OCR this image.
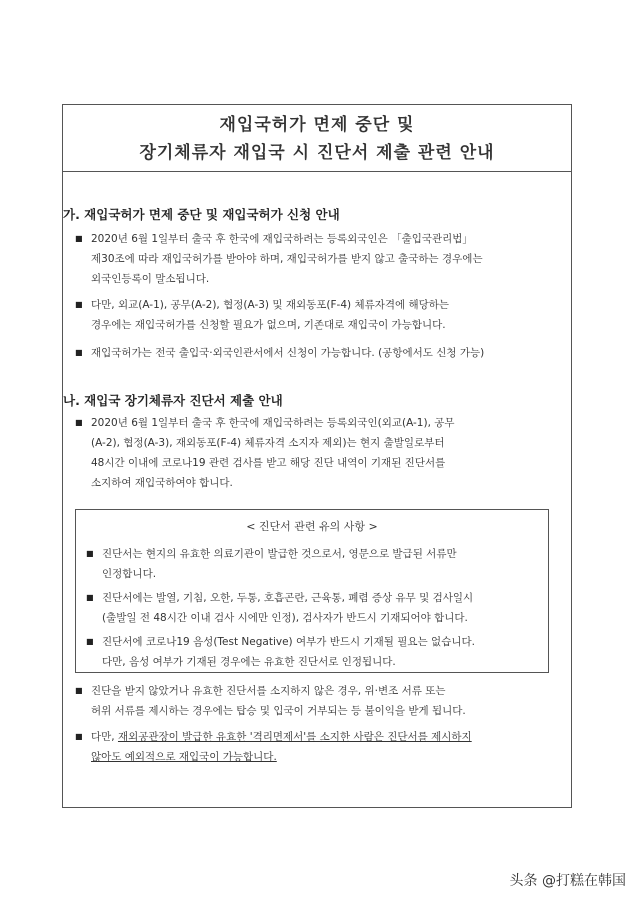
재입국허가 면제 중단 및
장기체류자 재입국 시 진단서 제출 관련 안내
가. 재입국허가 면제 중단 및 재입국허가 신청 안내
■ 2020년 6월 1일부터 출국 후 한국에 재입국하려는 등록외국인은 「출입국관리법」
제30조에 따라 재입국허가를 받아야 하며, 재입국허가를 받지 않고 출국하는 경우에는
외국인등록이 말소됩니다.
■ 다만, 외교(A-1), 공무(A-2), 협정(A-3) 및 재외동포(F-4) 체류자격에 해당하는
경우에는 재입국허가를 신청할 필요가 없으며, 기존대로 재입국이 가능합니다.
■ 재입국허가는 전국 출입국·외국인관서에서 신청이 가능합니다. (공항에서도 신청 가능)
나. 재입국 장기체류자 진단서 제출 안내
■ 2020년 6월 1일부터 출국 후 한국에 재입국하려는 등록외국인(외교(A-1), 공무
(A-2), 협정(A-3), 재외동포(F-4) 체류자격 소지자 제외)는 현지 출발일로부터
48시간 이내에 코로나19 관련 검사를 받고 해당 진단 내역이 기재된 진단서를
소지하여 재입국하여야 합니다.
< 진단서 관련 유의 사항 >
■ 진단서는 현지의 유효한 의료기관이 발급한 것으로서, 영문으로 발급된 서류만
인정합니다.
■ 진단서에는 발열, 기침, 오한, 두통, 호흡곤란, 근육통, 폐렴 증상 유무 및 검사일시
(출발일 전 48시간 이내 검사 시에만 인정), 검사자가 반드시 기재되어야 합니다.
■ 진단서에 코로나19 음성(Test Negative) 여부가 반드시 기재될 필요는 없습니다.
다만, 음성 여부가 기재된 경우에는 유효한 진단서로 인정됩니다.
■ 진단을 받지 않았거나 유효한 진단서를 소지하지 않은 경우, 위·변조 서류 또는
허위 서류를 제시하는 경우에는 탑승 및 입국이 거부되는 등 불이익을 받게 됩니다.
■ 다만, 재외공관장이 발급한 유효한 '격리면제서'를 소지한 사람은 진단서를 제시하지
않아도 예외적으로 재입국이 가능합니다.
头条 @打糕在韩国
